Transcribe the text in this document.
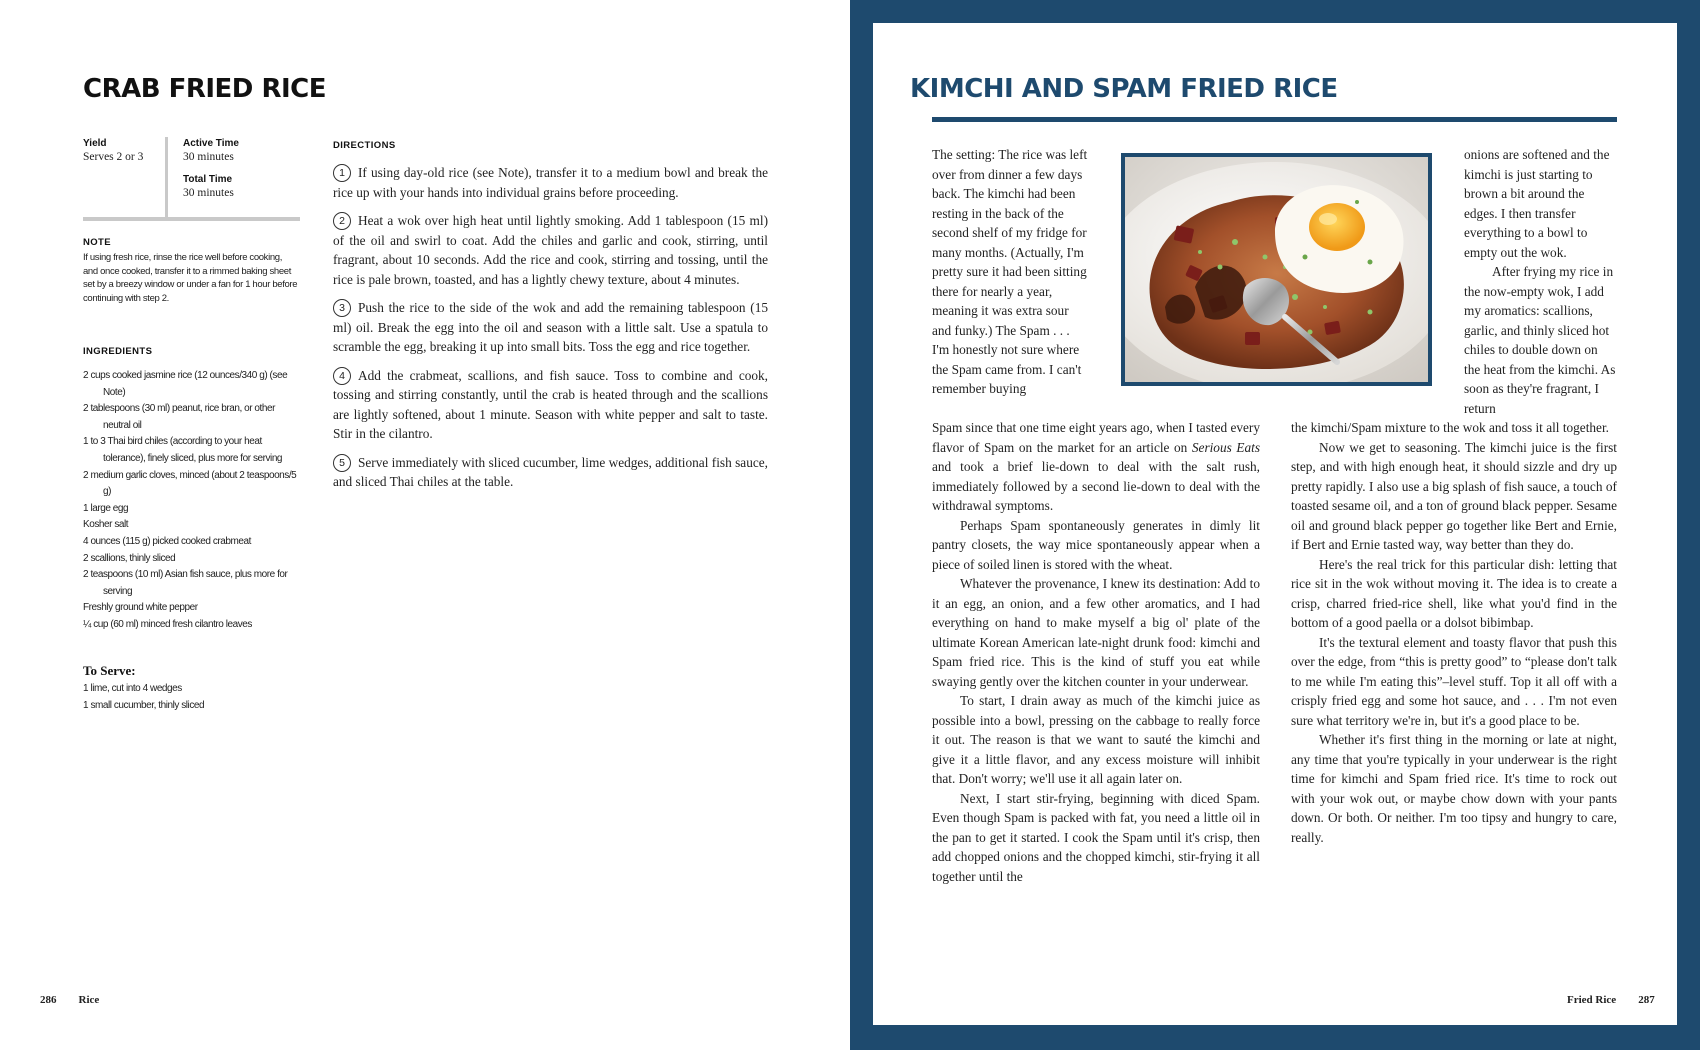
CRAB FRIED RICE
Yield
Serves 2 or 3
Active Time
30 minutes
Total Time
30 minutes
NOTE

If using fresh rice, rinse the rice well before cooking, and once cooked, transfer it to a rimmed baking sheet set by a breezy window or under a fan for 1 hour before continuing with step 2.

INGREDIENTS
2 cups cooked jasmine rice (12 ounces/340 g) (see Note)
2 tablespoons (30 ml) peanut, rice bran, or other neutral oil
1 to 3 Thai bird chiles (according to your heat tolerance), finely sliced, plus more for serving
2 medium garlic cloves, minced (about 2 teaspoons/5 g)
1 large egg
Kosher salt
4 ounces (115 g) picked cooked crabmeat
2 scallions, thinly sliced
2 teaspoons (10 ml) Asian fish sauce, plus more for serving
Freshly ground white pepper
¼ cup (60 ml) minced fresh cilantro leaves
To Serve:
1 lime, cut into 4 wedges
1 small cucumber, thinly sliced
DIRECTIONS

1 If using day-old rice (see Note), transfer it to a medium bowl and break the rice up with your hands into individual grains before proceeding.

2 Heat a wok over high heat until lightly smoking. Add 1 tablespoon (15 ml) of the oil and swirl to coat. Add the chiles and garlic and cook, stirring, until fragrant, about 10 seconds. Add the rice and cook, stirring and tossing, until the rice is pale brown, toasted, and has a lightly chewy texture, about 4 minutes.

3 Push the rice to the side of the wok and add the remaining tablespoon (15 ml) oil. Break the egg into the oil and season with a little salt. Use a spatula to scramble the egg, breaking it up into small bits. Toss the egg and rice together.

4 Add the crabmeat, scallions, and fish sauce. Toss to combine and cook, tossing and stirring constantly, until the crab is heated through and the scallions are lightly softened, about 1 minute. Season with white pepper and salt to taste. Stir in the cilantro.

5 Serve immediately with sliced cucumber, lime wedges, additional fish sauce, and sliced Thai chiles at the table.

286 Rice
KIMCHI AND SPAM FRIED RICE

The setting: The rice was left over from dinner a few days back. The kimchi had been resting in the back of the second shelf of my fridge for many months. (Actually, I'm pretty sure it had been sitting there for nearly a year, meaning it was extra sour and funky.) The Spam . . . I'm honestly not sure where the Spam came from. I can't remember buying

Spam since that one time eight years ago, when I tasted every flavor of Spam on the market for an article on Serious Eats and took a brief lie-down to deal with the salt rush, immediately followed by a second lie-down to deal with the withdrawal symptoms.

Perhaps Spam spontaneously generates in dimly lit pantry closets, the way mice spontaneously appear when a piece of soiled linen is stored with the wheat.

Whatever the provenance, I knew its destination: Add to it an egg, an onion, and a few other aromatics, and I had everything on hand to make myself a big ol' plate of the ultimate Korean American late-night drunk food: kimchi and Spam fried rice. This is the kind of stuff you eat while swaying gently over the kitchen counter in your underwear.

To start, I drain away as much of the kimchi juice as possible into a bowl, pressing on the cabbage to really force it out. The reason is that we want to sauté the kimchi and give it a little flavor, and any excess moisture will inhibit that. Don't worry; we'll use it all again later on.

Next, I start stir-frying, beginning with diced Spam. Even though Spam is packed with fat, you need a little oil in the pan to get it started. I cook the Spam until it's crisp, then add chopped onions and the chopped kimchi, stir-frying it all together until the

onions are softened and the kimchi is just starting to brown a bit around the edges. I then transfer everything to a bowl to empty out the wok.

After frying my rice in the now-empty wok, I add my aromatics: scallions, garlic, and thinly sliced hot chiles to double down on the heat from the kimchi. As soon as they're fragrant, I return

the kimchi/Spam mixture to the wok and toss it all together.

Now we get to seasoning. The kimchi juice is the first step, and with high enough heat, it should sizzle and dry up pretty rapidly. I also use a big splash of fish sauce, a touch of toasted sesame oil, and a ton of ground black pepper. Sesame oil and ground black pepper go together like Bert and Ernie, if Bert and Ernie tasted way, way better than they do.

Here's the real trick for this particular dish: letting that rice sit in the wok without moving it. The idea is to create a crisp, charred fried-rice shell, like what you'd find in the bottom of a good paella or a dolsot bibimbap.

It's the textural element and toasty flavor that push this over the edge, from “this is pretty good” to “please don't talk to me while I'm eating this”–level stuff. Top it all off with a crisply fried egg and some hot sauce, and . . . I'm not even sure what territory we're in, but it's a good place to be.

Whether it's first thing in the morning or late at night, any time that you're typically in your underwear is the right time for kimchi and Spam fried rice. It's time to rock out with your wok out, or maybe chow down with your pants down. Or both. Or neither. I'm too tipsy and hungry to care, really.

Fried Rice 287
